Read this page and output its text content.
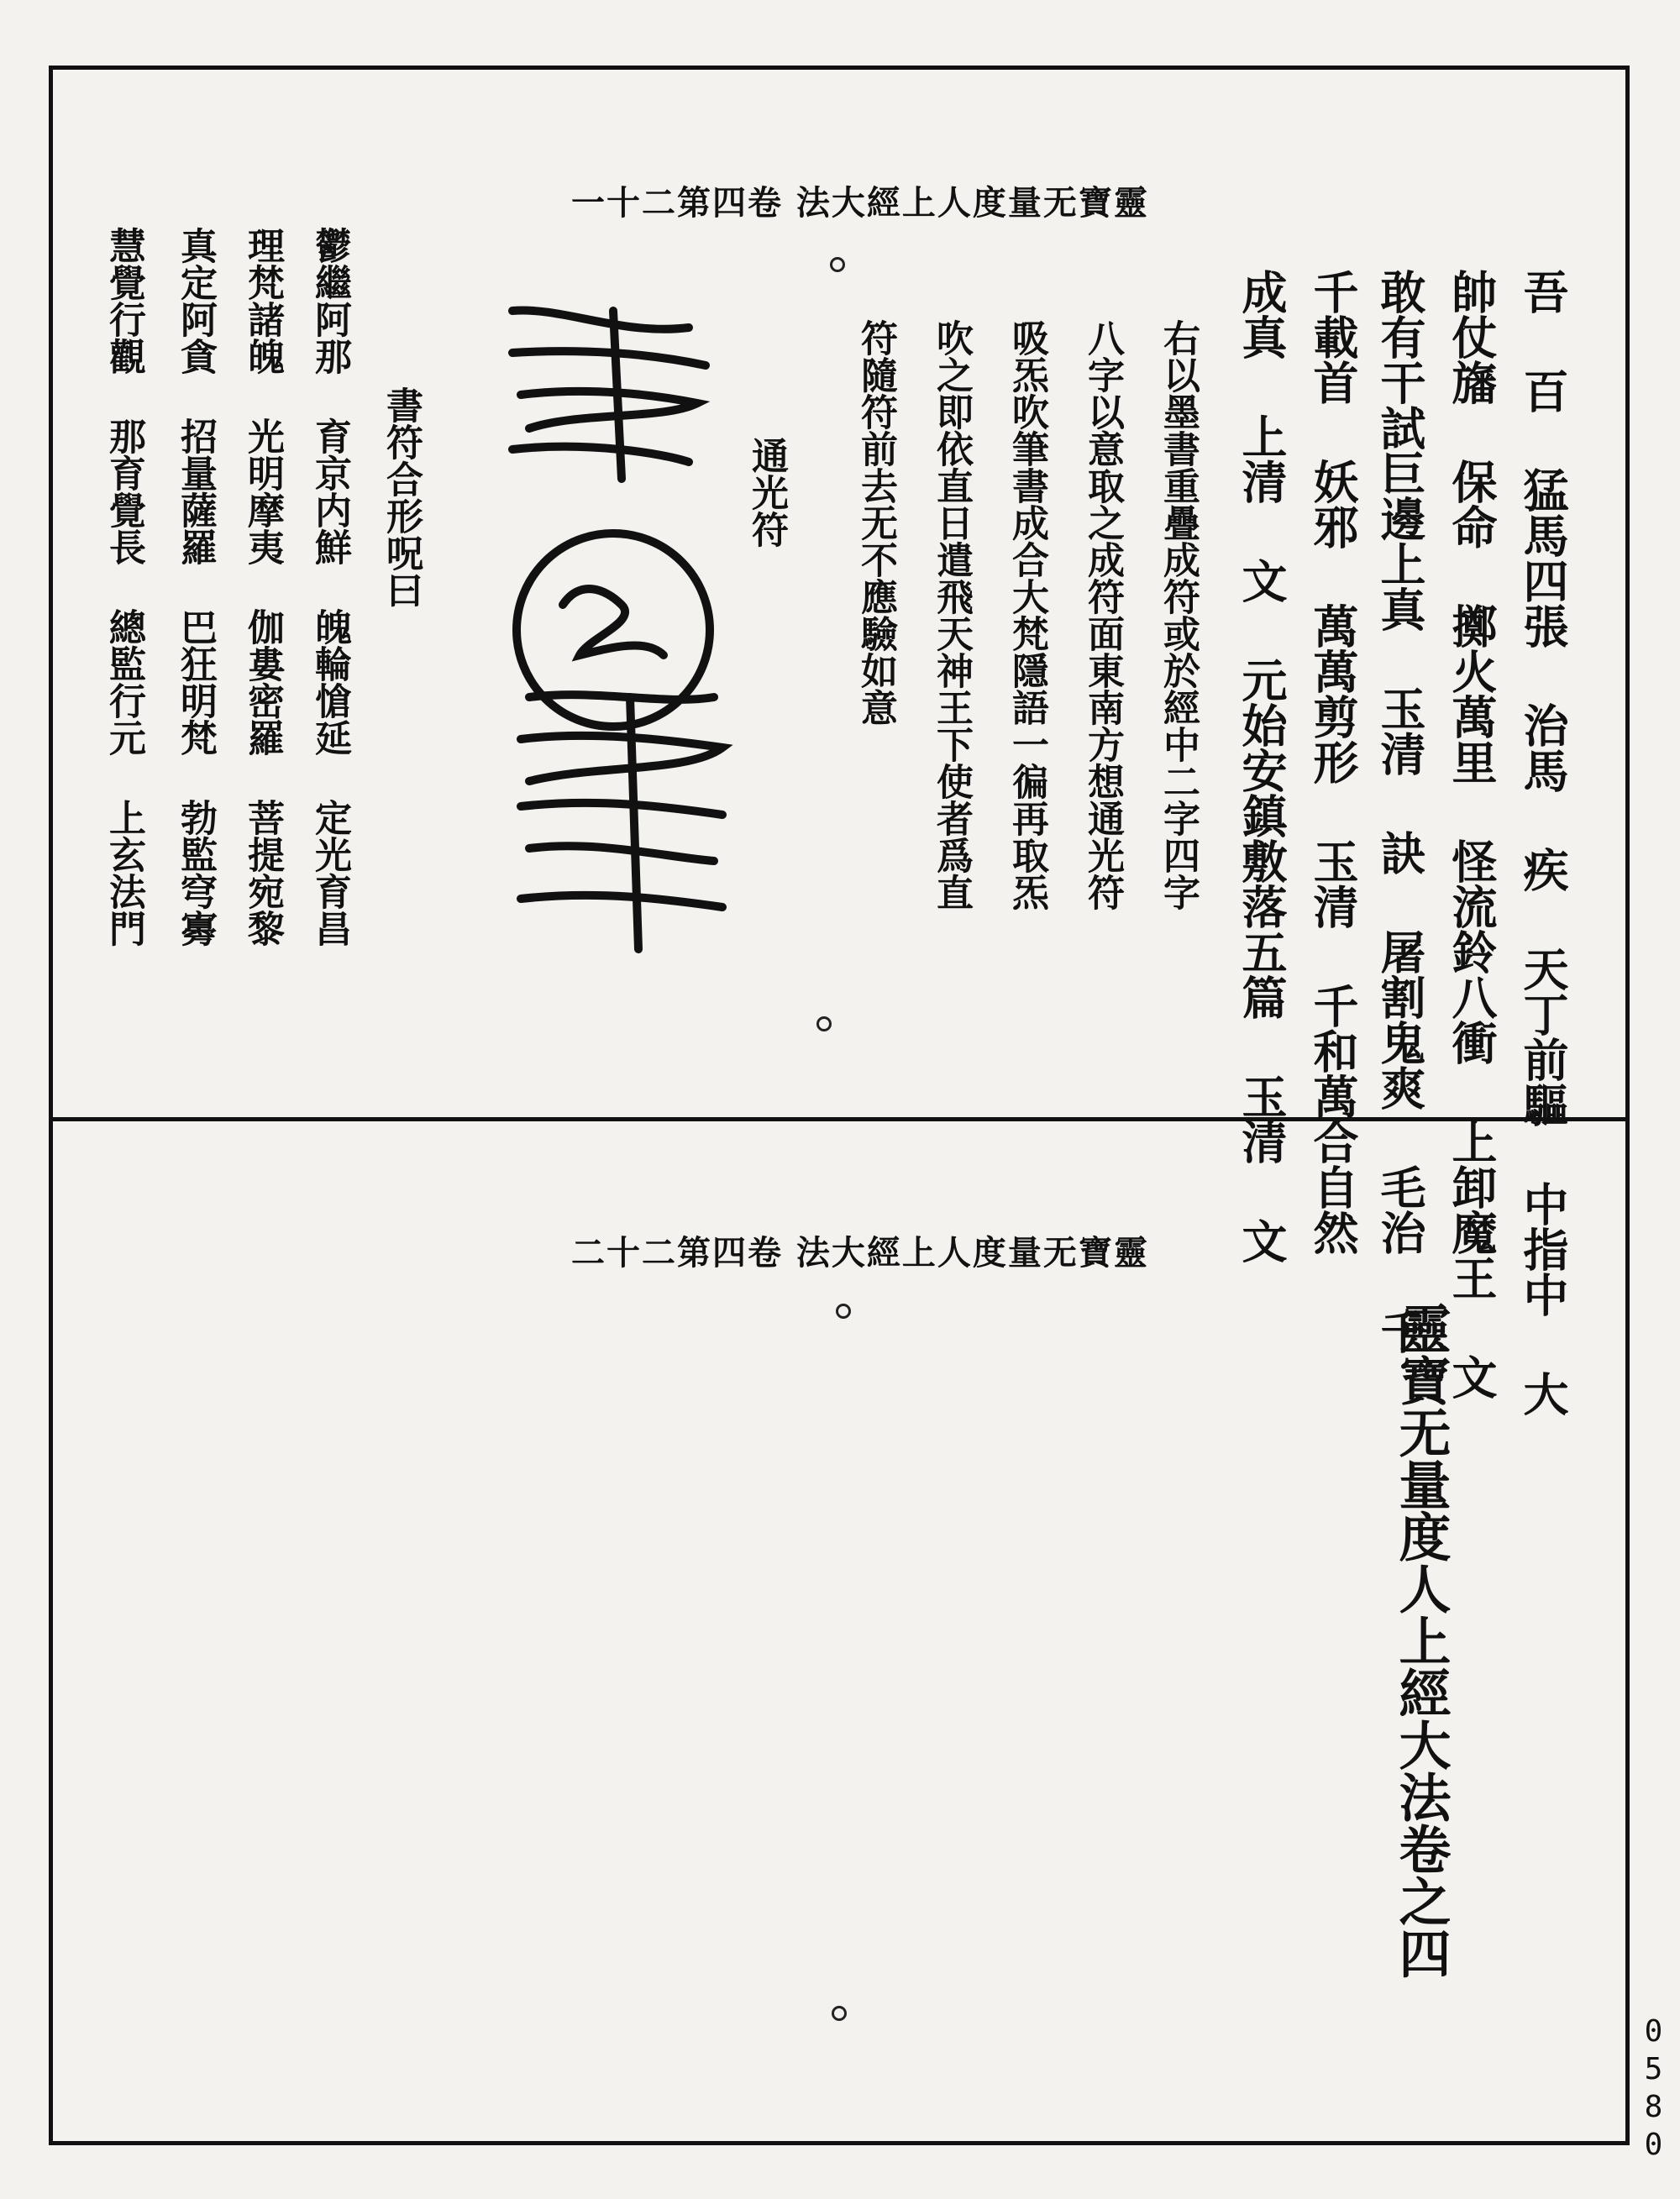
靈寶无量度人上經大法 卷四第二十一
吾 百 猛馬四張 治馬 疾 天丁前驅 中指中 大
帥仗旛 保命 擲火萬里 怪流鈴八衝 上卸魔王 文
敢有干試巨邊上真 玉清 訣 屠割鬼爽 毛治 千
千載首 妖邪 萬萬剪形 玉清 千和萬合自然
成真 上清 文 元始安鎮敷落五篇 玉清 文
右以墨書重疊成符或於經中二字四字
八字以意取之成符面東南方想通光符
吸炁吹筆書成合大梵隱語一徧再取炁
吹之即依直日遣飛天神王下使者爲直
符隨符前去无不應驗如意
通光符
書符合形呪曰
鬱繼阿那 育京内鮮 魄輪愴延 定光育昌
理梵諸魄 光明摩夷 伽婁密羅 菩提宛黎
真定阿貪 招量薩羅 巴狂明梵 勃監穹㝰
慧覺行觀 那育覺長 總監行元 上玄法門
靈寶无量度人上經大法 卷四第二十二
靈寶无量度人上經大法卷之四
0580
